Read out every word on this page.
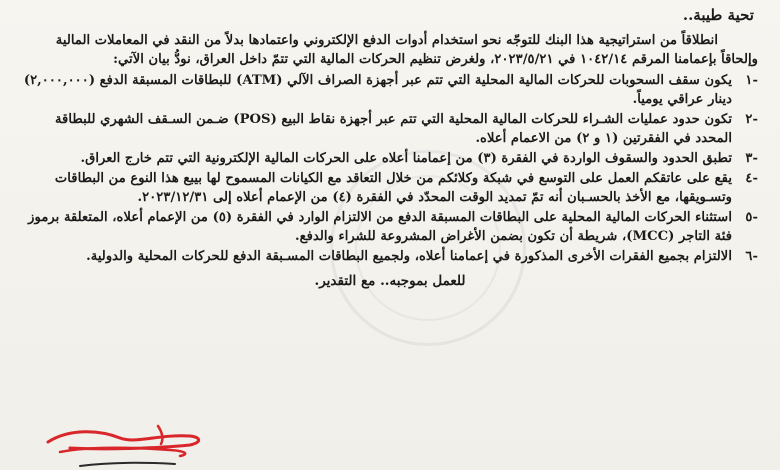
تحية طيبة..
انطلاقاً من استراتيجية هذا البنك للتوجّه نحو استخدام أدوات الدفع الإلكتروني واعتمادها بدلاً من النقد في المعاملات المالية وإلحاقاً بإعمامنا المرقم ١٠٤٢/١٤ في ٢٠٢٣/٥/٢١، ولغرض تنظيم الحركات المالية التي تتمّ داخل العراق، نودُّ بيان الآتي:
-١
يكون سقف السحوبات للحركات المالية المحلية التي تتم عبر أجهزة الصراف الآلي (ATM) للبطاقات المسبقة الدفع (٢,٠٠٠,٠٠٠) دينار عراقي يومياً.
-٢
تكون حدود عمليات الشـراء للحركات المالية المحلية التي تتم عبر أجهزة نقاط البيع (POS) ضـمن السـقف الشهري للبطاقة المحدد في الفقرتين (١ و ٢) من الاعمام أعلاه.
-٣
تطبق الحدود والسقوف الواردة في الفقرة (٣) من إعمامنا أعلاه على الحركات المالية الإلكترونية التي تتم خارج العراق.
-٤
يقع على عاتقكم العمل على التوسع في شبكة وكلائكم من خلال التعاقد مع الكيانات المسموح لها بيبع هذا النوع من البطاقات وتسـويقها، مع الأخذ بالحسـبان أنه تمّ تمديد الوقت المحدّد في الفقرة (٤) من الإعمام أعلاه إلى ٢٠٢٣/١٢/٣١.
-٥
استثناء الحركات المالية المحلية على البطاقات المسبقة الدفع من الالتزام الوارد في الفقرة (٥) من الإعمام أعلاه، المتعلقة برموز فئة التاجر (MCC)، شريطة أن تكون بضمن الأغراض المشروعة للشراء والدفع.
-٦
الالتزام بجميع الفقرات الأخرى المذكورة في إعمامنا أعلاه، ولجميع البطاقات المسـبقة الدفع للحركات المحلية والدولية.
للعمل بموجبه.. مع التقدير.
